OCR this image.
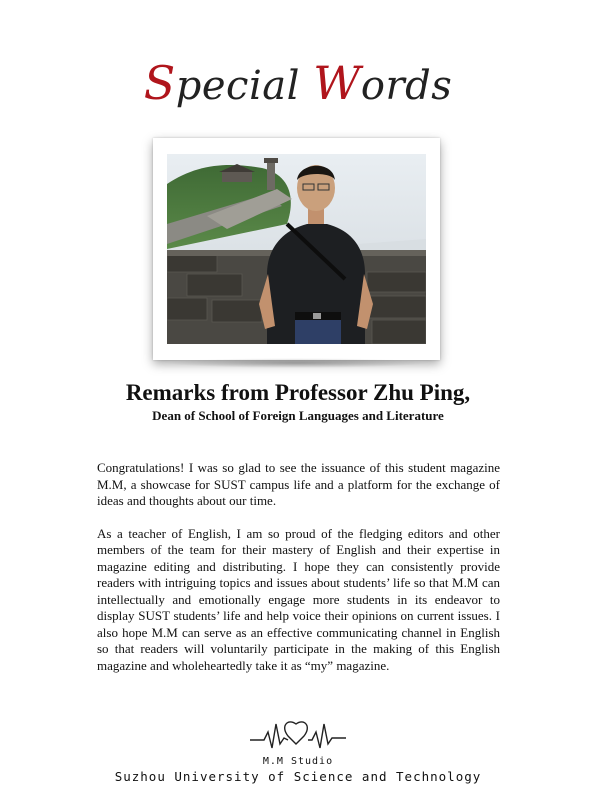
Special Words
Remarks from Professor Zhu Ping,
Dean of School of Foreign Languages and Literature

Congratulations! I was so glad to see the issuance of this student magazine M.M, a showcase for SUST campus life and a platform for the exchange of ideas and thoughts about our time.

As a teacher of English, I am so proud of the fledging editors and other members of the team for their mastery of English and their expertise in magazine editing and distributing. I hope they can consistently provide readers with intriguing topics and issues about students’ life so that M.M can intellectually and emotionally engage more students in its endeavor to display SUST students’ life and help voice their opinions on current issues. I also hope M.M can serve as an effective communicating channel in English so that readers will voluntarily participate in the making of this English magazine and wholeheartedly take it as “my” magazine.

M.M Studio
Suzhou University of Science and Technology
